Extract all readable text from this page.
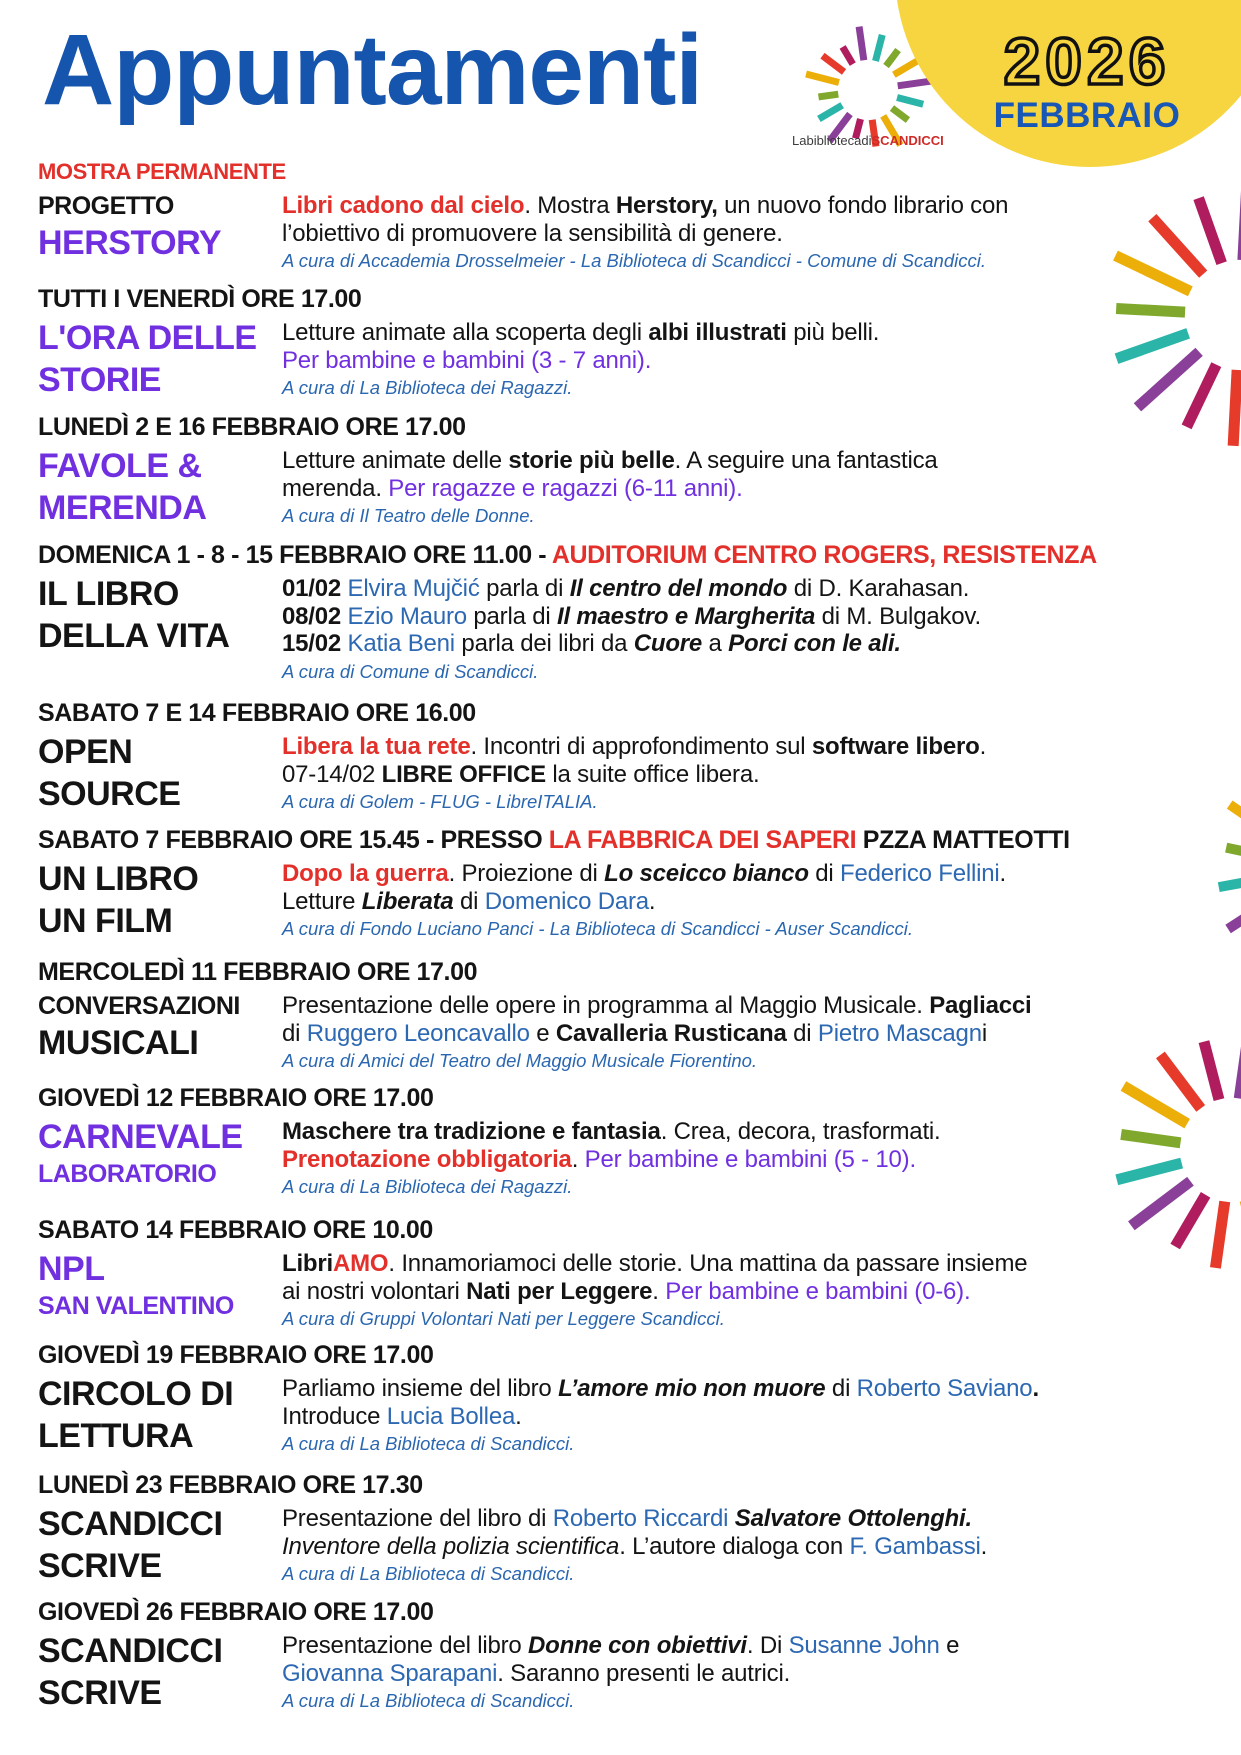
Appuntamenti
LabibliotecadiSCANDICCI
2026
FEBBRAIO
MOSTRA PERMANENTE
PROGETTO
HERSTORY
Libri cadono dal cielo. Mostra Herstory, un nuovo fondo librario con
l’obiettivo di promuovere la sensibilità di genere.
A cura di Accademia Drosselmeier - La Biblioteca di Scandicci - Comune di Scandicci.
TUTTI I VENERDÌ ORE 17.00
L'ORA DELLE
STORIE
Letture animate alla scoperta degli albi illustrati più belli.
Per bambine e bambini (3 - 7 anni).
A cura di La Biblioteca dei Ragazzi.
LUNEDÌ 2 E 16 FEBBRAIO ORE 17.00
FAVOLE &
MERENDA
Letture animate delle storie più belle. A seguire una fantastica
merenda. Per ragazze e ragazzi (6-11 anni).
A cura di Il Teatro delle Donne.
DOMENICA 1 - 8 - 15 FEBBRAIO ORE 11.00 - AUDITORIUM CENTRO ROGERS, RESISTENZA
IL LIBRO
DELLA VITA
01/02 Elvira Mujčić parla di Il centro del mondo di D. Karahasan.
08/02 Ezio Mauro parla di Il maestro e Margherita di M. Bulgakov.
15/02 Katia Beni parla dei libri da Cuore a Porci con le ali.
A cura di Comune di Scandicci.
SABATO 7 E 14 FEBBRAIO ORE 16.00
OPEN
SOURCE
Libera la tua rete. Incontri di approfondimento sul software libero.
07-14/02 LIBRE OFFICE la suite office libera.
A cura di Golem - FLUG - LibreITALIA.
SABATO 7 FEBBRAIO ORE 15.45 - PRESSO LA FABBRICA DEI SAPERI PZZA MATTEOTTI
UN LIBRO
UN FILM
Dopo la guerra. Proiezione di Lo sceicco bianco di Federico Fellini.
Letture Liberata di Domenico Dara.
A cura di Fondo Luciano Panci - La Biblioteca di Scandicci - Auser Scandicci.
MERCOLEDÌ 11 FEBBRAIO ORE 17.00
CONVERSAZIONI
MUSICALI
Presentazione delle opere in programma al Maggio Musicale. Pagliacci
di Ruggero Leoncavallo e Cavalleria Rusticana di Pietro Mascagni
A cura di Amici del Teatro del Maggio Musicale Fiorentino.
GIOVEDÌ 12 FEBBRAIO ORE 17.00
CARNEVALE
LABORATORIO
Maschere tra tradizione e fantasia. Crea, decora, trasformati.
Prenotazione obbligatoria. Per bambine e bambini (5 - 10).
A cura di La Biblioteca dei Ragazzi.
SABATO 14 FEBBRAIO ORE 10.00
NPL
SAN VALENTINO
LibriAMO. Innamoriamoci delle storie. Una mattina da passare insieme
ai nostri volontari Nati per Leggere. Per bambine e bambini (0-6).
A cura di Gruppi Volontari Nati per Leggere Scandicci.
GIOVEDÌ 19 FEBBRAIO ORE 17.00
CIRCOLO DI
LETTURA
Parliamo insieme del libro L’amore mio non muore di Roberto Saviano.
Introduce Lucia Bollea.
A cura di La Biblioteca di Scandicci.
LUNEDÌ 23 FEBBRAIO ORE 17.30
SCANDICCI
SCRIVE
Presentazione del libro di Roberto Riccardi Salvatore Ottolenghi.
Inventore della polizia scientifica. L’autore dialoga con F. Gambassi.
A cura di La Biblioteca di Scandicci.
GIOVEDÌ 26 FEBBRAIO ORE 17.00
SCANDICCI
SCRIVE
Presentazione del libro Donne con obiettivi. Di Susanne John e
Giovanna Sparapani. Saranno presenti le autrici.
A cura di La Biblioteca di Scandicci.
